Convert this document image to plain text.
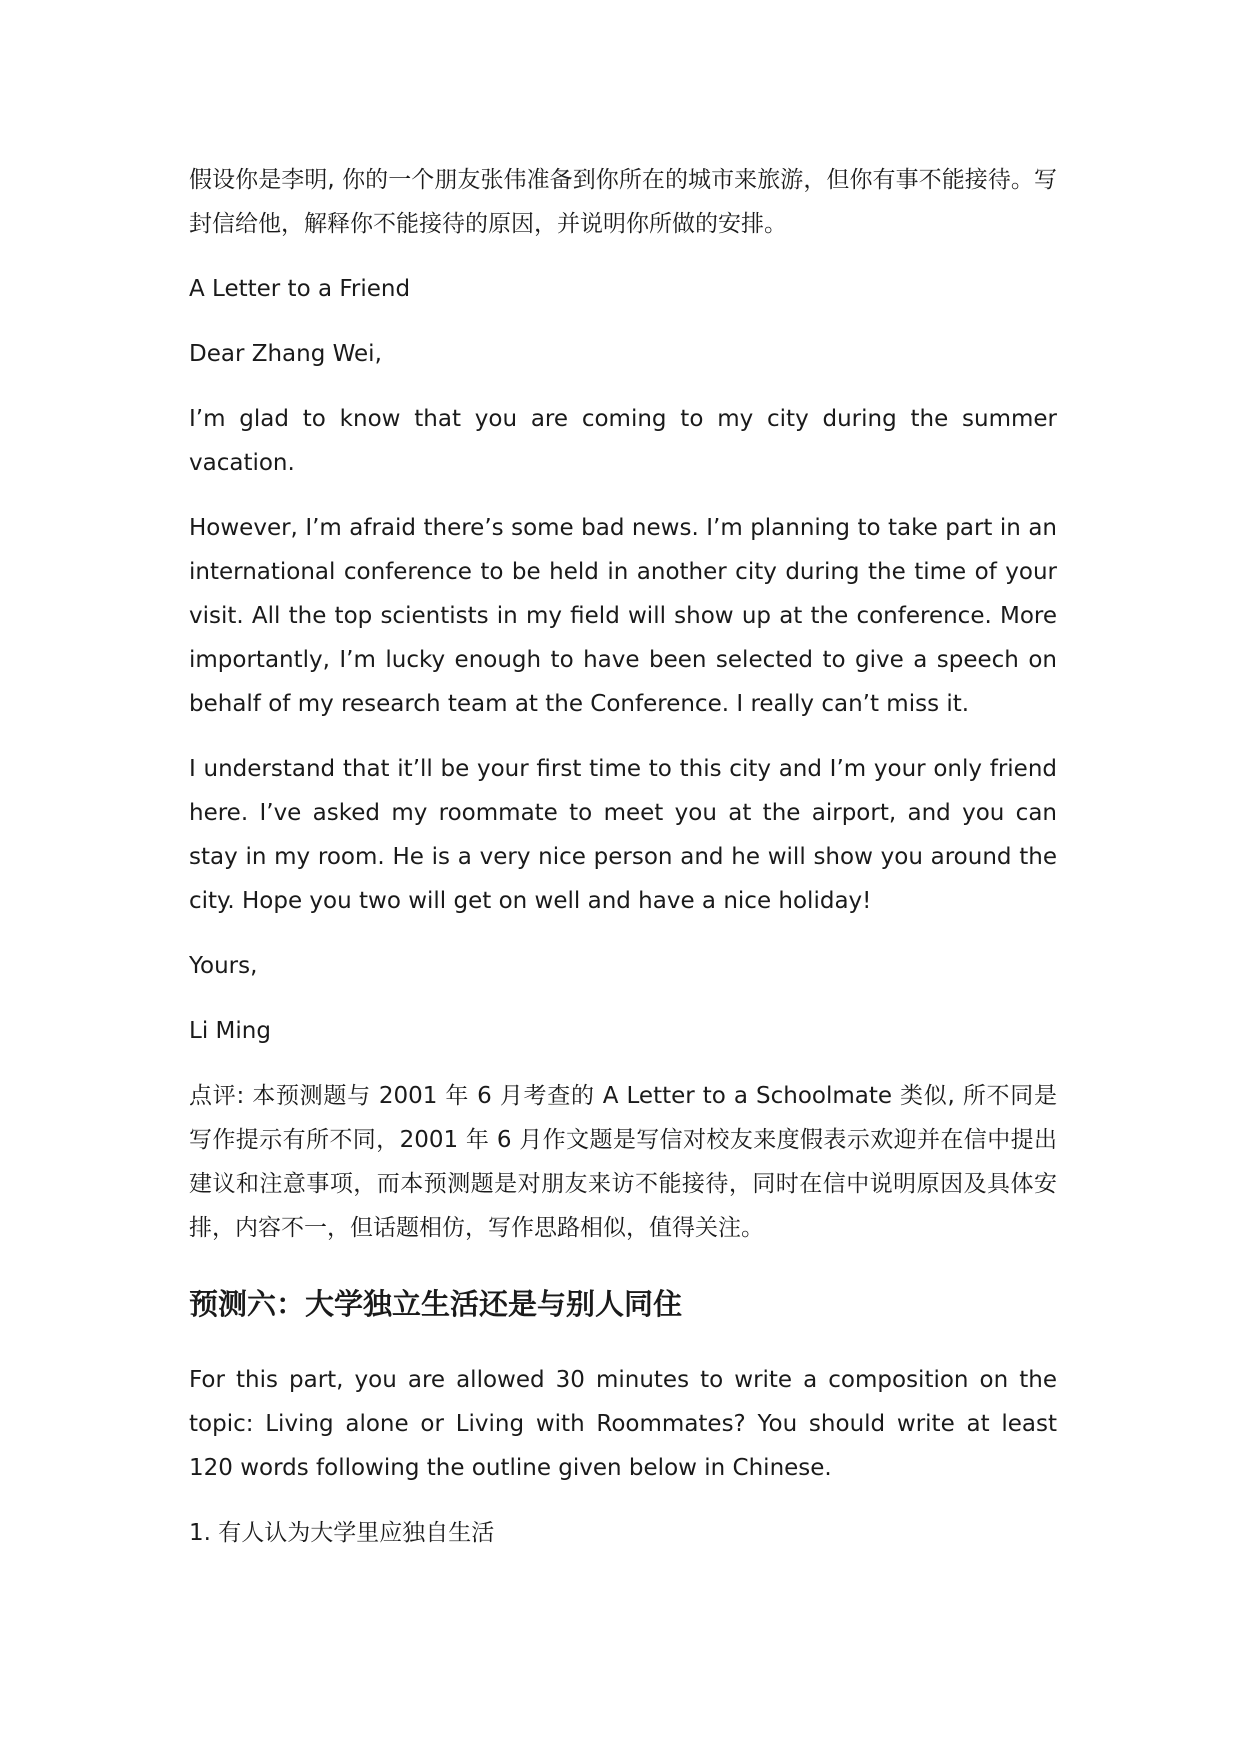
假设你是李明, 你的一个朋友张伟准备到你所在的城市来旅游，但你有事不能接待。写封信给他，解释你不能接待的原因，并说明你所做的安排。

A Letter to a Friend

Dear Zhang Wei,

I’m glad to know that you are coming to my city during the summer vacation.

However, I’m afraid there’s some bad news. I’m planning to take part in an international conference to be held in another city during the time of your visit. All the top scientists in my field will show up at the conference. More importantly, I’m lucky enough to have been selected to give a speech on behalf of my research team at the Conference. I really can’t miss it.

I understand that it’ll be your first time to this city and I’m your only friend here. I’ve asked my roommate to meet you at the airport, and you can stay in my room. He is a very nice person and he will show you around the city. Hope you two will get on well and have a nice holiday!

Yours,

Li Ming

点评: 本预测题与 2001 年 6 月考查的 A Letter to a Schoolmate 类似, 所不同是写作提示有所不同，2001 年 6 月作文题是写信对校友来度假表示欢迎并在信中提出建议和注意事项，而本预测题是对朋友来访不能接待，同时在信中说明原因及具体安排，内容不一，但话题相仿，写作思路相似，值得关注。

预测六：大学独立生活还是与别人同住

For this part, you are allowed 30 minutes to write a composition on the topic: Living alone or Living with Roommates? You should write at least 120 words following the outline given below in Chinese.

1. 有人认为大学里应独自生活
